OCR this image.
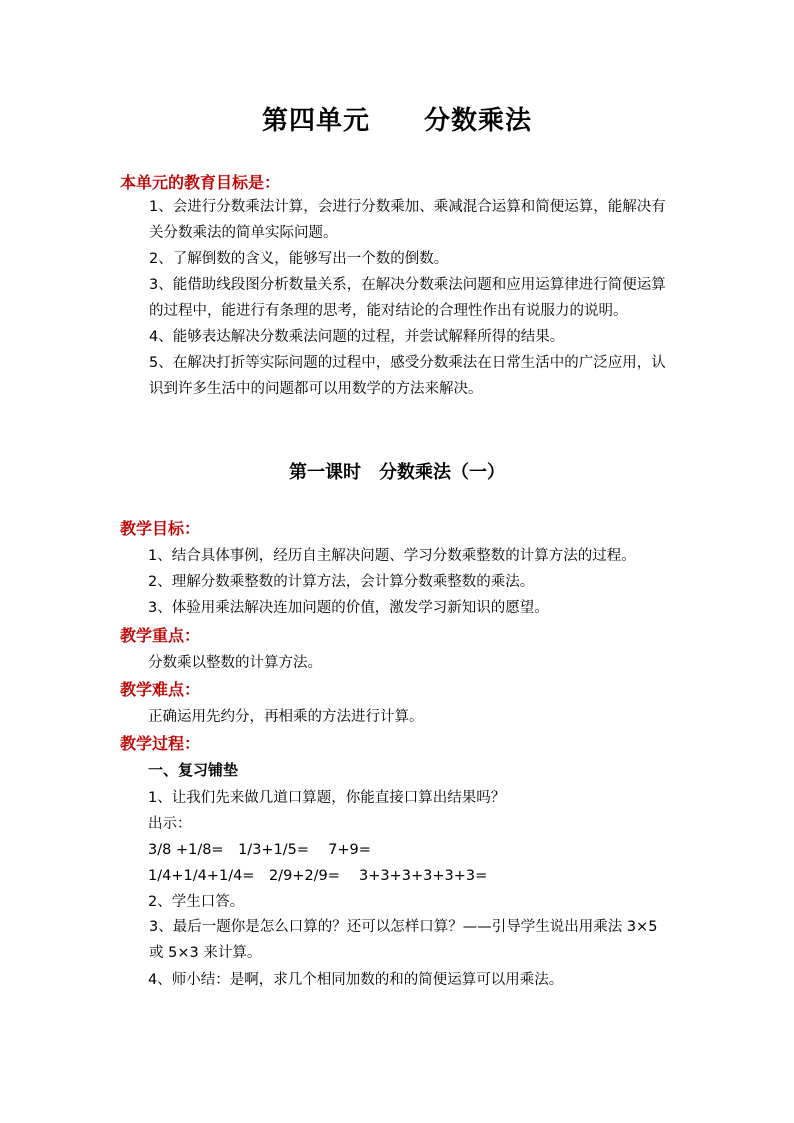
第四单元　　分数乘法
本单元的教育目标是：
1、会进行分数乘法计算，会进行分数乘加、乘减混合运算和简便运算，能解决有关分数乘法的简单实际问题。
2、了解倒数的含义，能够写出一个数的倒数。
3、能借助线段图分析数量关系，在解决分数乘法问题和应用运算律进行简便运算的过程中，能进行有条理的思考，能对结论的合理性作出有说服力的说明。
4、能够表达解决分数乘法问题的过程，并尝试解释所得的结果。
5、在解决打折等实际问题的过程中，感受分数乘法在日常生活中的广泛应用，认识到许多生活中的问题都可以用数学的方法来解决。
第一课时　分数乘法（一）
教学目标：
1、结合具体事例，经历自主解决问题、学习分数乘整数的计算方法的过程。
2、理解分数乘整数的计算方法，会计算分数乘整数的乘法。
3、体验用乘法解决连加问题的价值，激发学习新知识的愿望。
教学重点：
分数乘以整数的计算方法。
教学难点：
正确运用先约分，再相乘的方法进行计算。
教学过程：
一、复习铺垫
1、让我们先来做几道口算题，你能直接口算出结果吗？
出示：
3/8 +1/8=　1/3+1/5=　 7+9=
1/4+1/4+1/4=　2/9+2/9=　 3+3+3+3+3+3=
2、学生口答。
3、最后一题你是怎么口算的？还可以怎样口算？——引导学生说出用乘法 3×5 或 5×3 来计算。
4、师小结：是啊，求几个相同加数的和的简便运算可以用乘法。
